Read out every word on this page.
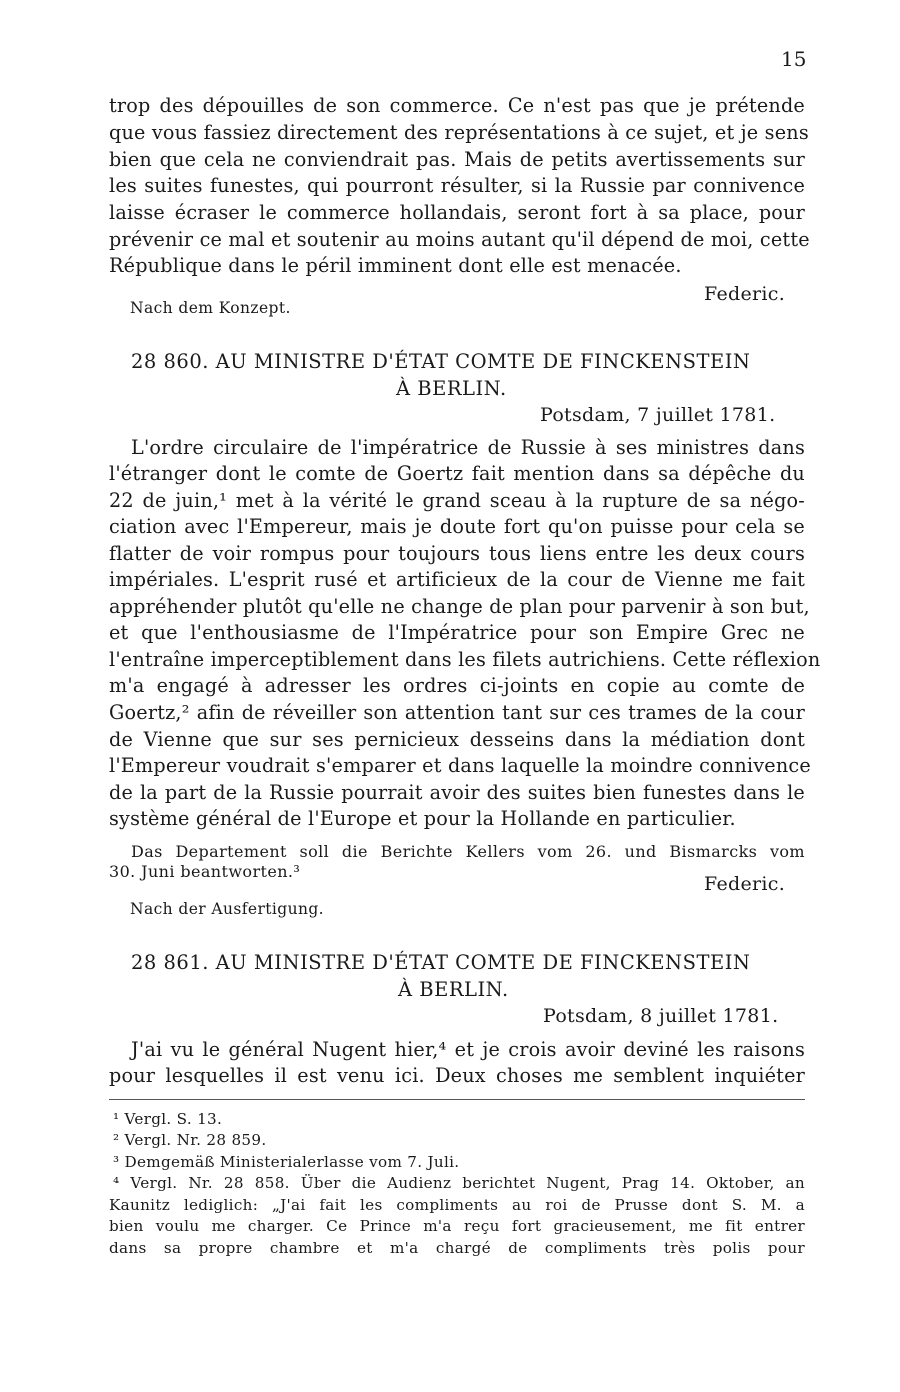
15
trop des dépouilles de son commerce. Ce n'est pas que je prétende
que vous fassiez directement des représentations à ce sujet, et je sens
bien que cela ne conviendrait pas. Mais de petits avertissements sur
les suites funestes, qui pourront résulter, si la Russie par connivence
laisse écraser le commerce hollandais, seront fort à sa place, pour
prévenir ce mal et soutenir au moins autant qu'il dépend de moi, cette
République dans le péril imminent dont elle est menacée.
Federic.
Nach dem Konzept.
28 860. AU MINISTRE D'ÉTAT COMTE DE FINCKENSTEIN
À BERLIN.
Potsdam, 7 juillet 1781.
L'ordre circulaire de l'impératrice de Russie à ses ministres dans
l'étranger dont le comte de Goertz fait mention dans sa dépêche du
22 de juin,¹ met à la vérité le grand sceau à la rupture de sa négo-
ciation avec l'Empereur, mais je doute fort qu'on puisse pour cela se
flatter de voir rompus pour toujours tous liens entre les deux cours
impériales. L'esprit rusé et artificieux de la cour de Vienne me fait
appréhender plutôt qu'elle ne change de plan pour parvenir à son but,
et que l'enthousiasme de l'Impératrice pour son Empire Grec ne
l'entraîne imperceptiblement dans les filets autrichiens. Cette réflexion
m'a engagé à adresser les ordres ci-joints en copie au comte de
Goertz,² afin de réveiller son attention tant sur ces trames de la cour
de Vienne que sur ses pernicieux desseins dans la médiation dont
l'Empereur voudrait s'emparer et dans laquelle la moindre connivence
de la part de la Russie pourrait avoir des suites bien funestes dans le
système général de l'Europe et pour la Hollande en particulier.
Das Departement soll die Berichte Kellers vom 26. und Bismarcks vom
30. Juni beantworten.³
Federic.
Nach der Ausfertigung.
28 861. AU MINISTRE D'ÉTAT COMTE DE FINCKENSTEIN
À BERLIN.
Potsdam, 8 juillet 1781.
J'ai vu le général Nugent hier,⁴ et je crois avoir deviné les raisons
pour lesquelles il est venu ici. Deux choses me semblent inquiéter
¹ Vergl. S. 13.
² Vergl. Nr. 28 859.
³ Demgemäß Ministerialerlasse vom 7. Juli.
⁴ Vergl. Nr. 28 858. Über die Audienz berichtet Nugent, Prag 14. Oktober, an
Kaunitz lediglich: „J'ai fait les compliments au roi de Prusse dont S. M. a
bien voulu me charger. Ce Prince m'a reçu fort gracieusement, me fit entrer
dans sa propre chambre et m'a chargé de compliments très polis pour
